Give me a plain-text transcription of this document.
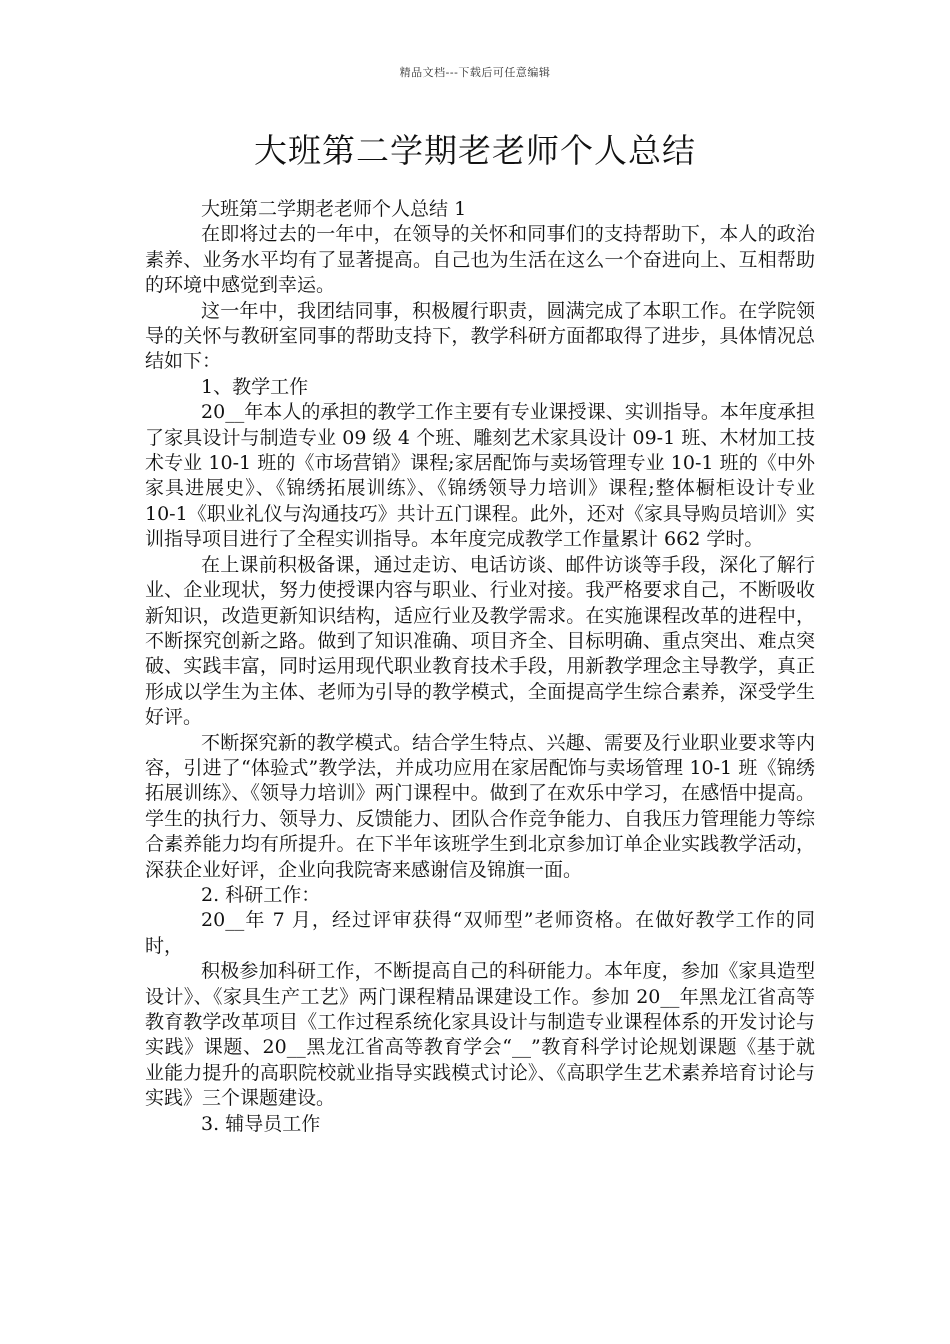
精品文档---下载后可任意编辑
大班第二学期老老师个人总结

大班第二学期老老师个人总结 1

在即将过去的一年中，在领导的关怀和同事们的支持帮助下，本人的政治素养、业务水平均有了显著提高。自己也为生活在这么一个奋进向上、互相帮助的环境中感觉到幸运。

这一年中，我团结同事，积极履行职责，圆满完成了本职工作。在学院领导的关怀与教研室同事的帮助支持下，教学科研方面都取得了进步，具体情况总结如下：

1、教学工作

20__年本人的承担的教学工作主要有专业课授课、实训指导。本年度承担了家具设计与制造专业 09 级 4 个班、雕刻艺术家具设计 09-1 班、木材加工技术专业 10-1 班的《市场营销》课程;家居配饰与卖场管理专业 10-1 班的《中外家具进展史》、《锦绣拓展训练》、《锦绣领导力培训》课程;整体橱柜设计专业 10-1《职业礼仪与沟通技巧》共计五门课程。此外，还对《家具导购员培训》实训指导项目进行了全程实训指导。本年度完成教学工作量累计 662 学时。

在上课前积极备课，通过走访、电话访谈、邮件访谈等手段，深化了解行业、企业现状，努力使授课内容与职业、行业对接。我严格要求自己，不断吸收新知识，改造更新知识结构，适应行业及教学需求。在实施课程改革的进程中，不断探究创新之路。做到了知识准确、项目齐全、目标明确、重点突出、难点突破、实践丰富，同时运用现代职业教育技术手段，用新教学理念主导教学，真正形成以学生为主体、老师为引导的教学模式，全面提高学生综合素养，深受学生好评。

不断探究新的教学模式。结合学生特点、兴趣、需要及行业职业要求等内容，引进了“体验式”教学法，并成功应用在家居配饰与卖场管理 10-1 班《锦绣拓展训练》、《领导力培训》两门课程中。做到了在欢乐中学习，在感悟中提高。学生的执行力、领导力、反馈能力、团队合作竞争能力、自我压力管理能力等综合素养能力均有所提升。在下半年该班学生到北京参加订单企业实践教学活动，深获企业好评，企业向我院寄来感谢信及锦旗一面。

2. 科研工作：

20__年 7 月，经过评审获得“双师型”老师资格。在做好教学工作的同时，

积极参加科研工作，不断提高自己的科研能力。本年度，参加《家具造型设计》、《家具生产工艺》两门课程精品课建设工作。参加 20__年黑龙江省高等教育教学改革项目《工作过程系统化家具设计与制造专业课程体系的开发讨论与实践》课题、20__黑龙江省高等教育学会“__”教育科学讨论规划课题《基于就业能力提升的高职院校就业指导实践模式讨论》、《高职学生艺术素养培育讨论与实践》三个课题建设。

3. 辅导员工作
